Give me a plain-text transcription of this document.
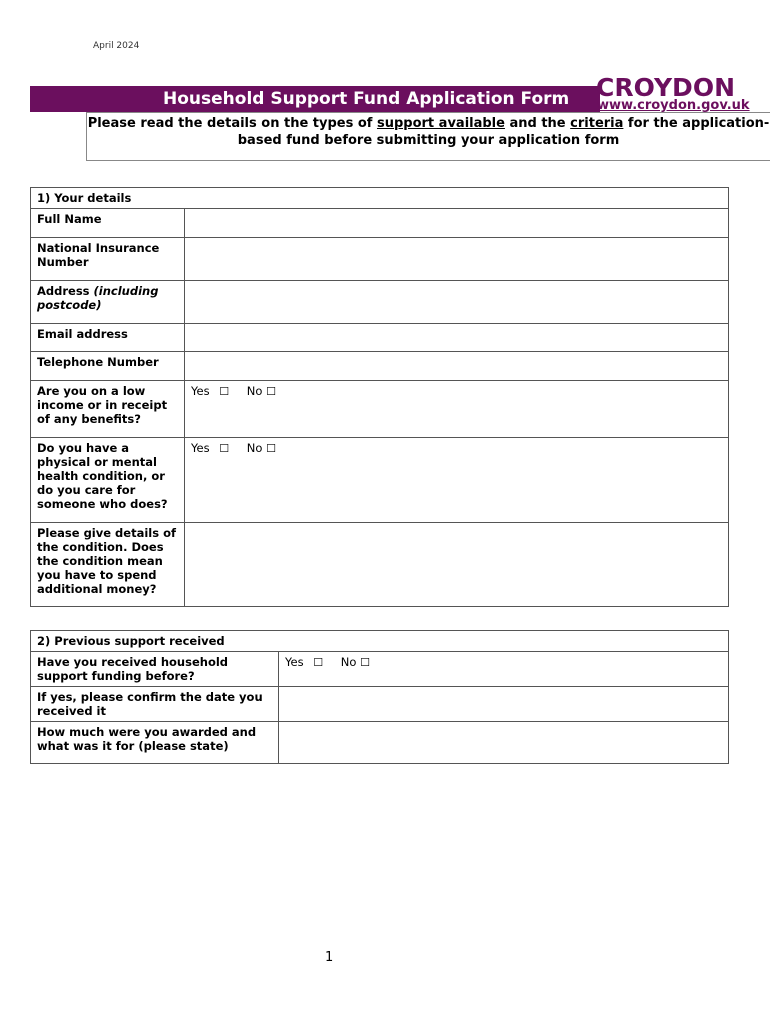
April 2024
Household Support Fund Application Form	CROYDON
www.croydon.gov.uk
Please read the details on the types of support available and the criteria for the application-based fund before submitting your application form
1) Your details	
Full Name	
National Insurance Number	
Address (including postcode)	
Email address	
Telephone Number	
Are you on a low income or in receipt of any benefits?	Yes ☐ No ☐
Do you have a physical or mental health condition, or do you care for someone who does?	Yes ☐ No ☐
Please give details of the condition. Does the condition mean you have to spend additional money?	
2) Previous support received	
Have you received household support funding before?	Yes ☐ No ☐
If yes, please confirm the date you received it	
How much were you awarded and what was it for (please state)	
1
